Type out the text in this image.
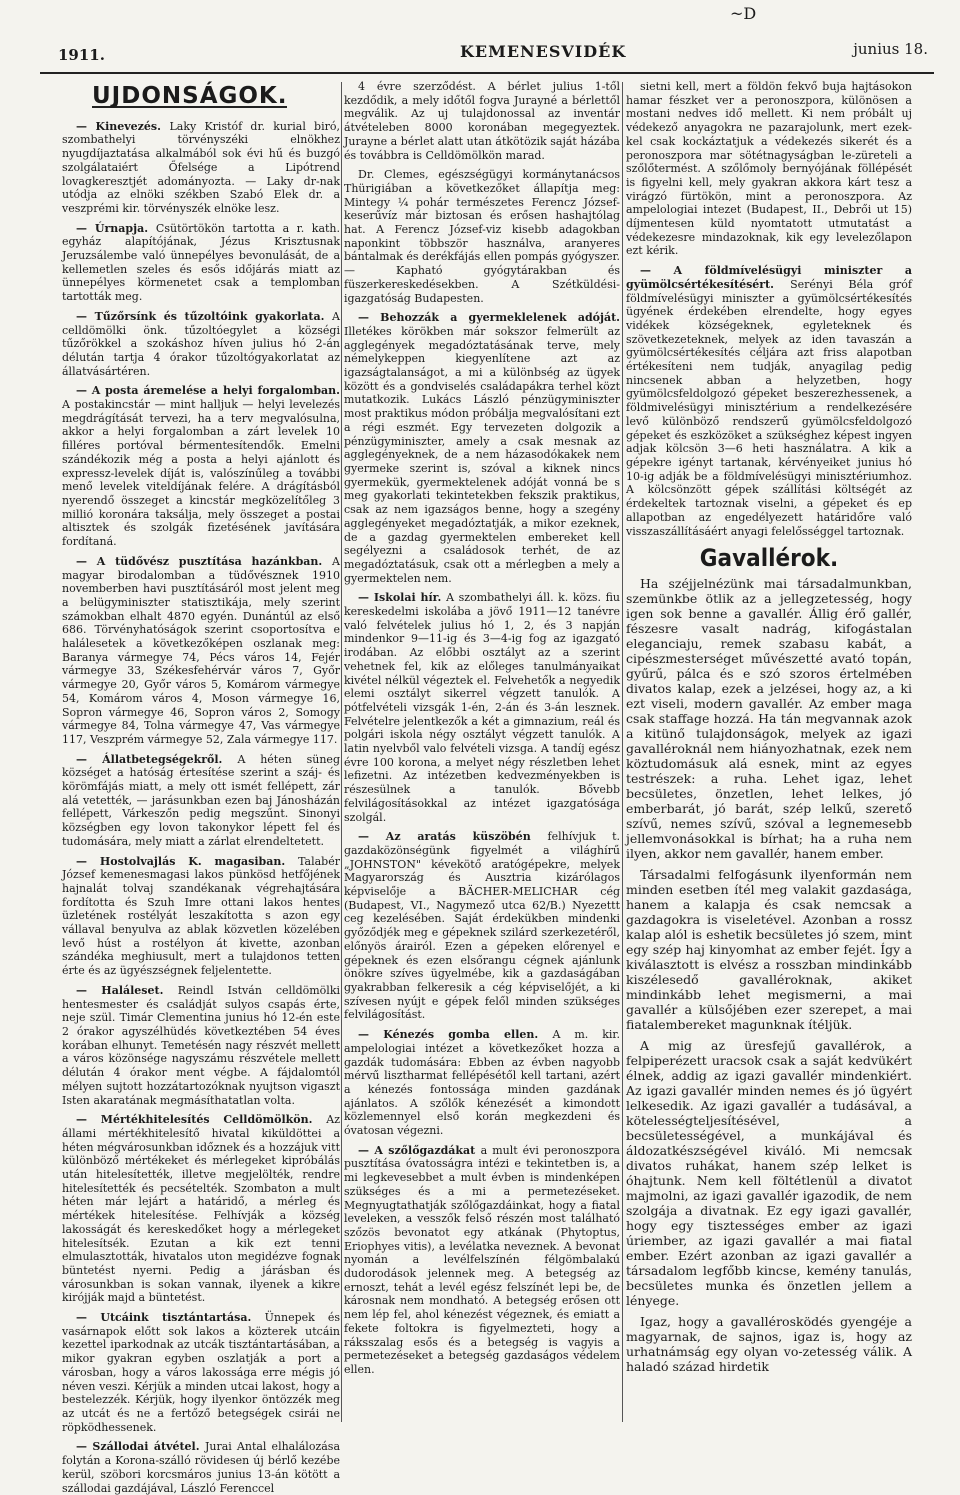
~D
1911.	KEMENESVIDÉK	junius 18.
UJDONSÁGOK.

— Kinevezés. Laky Kristóf dr. kurial biró, szombathelyi törvényszéki elnökhez nyugdíjaztatása alkalmából sok évi hű és buzgó szolgálataiért Őfelsége a Lipótrend lovagkeresztjét adományozta. — Laky dr-nak utódja az elnöki székben Szabó Elek dr. a veszprémi kir. törvényszék elnöke lesz.

— Úrnapja. Csütörtökön tartotta a r. kath. egyház alapítójának, Jézus Krisztusnak Jeruzsálembe való ünnepélyes bevonulását, de a kellemetlen szeles és esős időjárás miatt az ünnepélyes körmenetet csak a templomban tartották meg.

— Tűzőrsínk és tűzoltóink gyakorlata. A celldömölki önk. tűzoltóegylet a községi tűzőrökkel a szokáshoz híven julius hó 2-án délután tartja 4 órakor tűzoltógyakorlatat az állatvásártéren.

— A posta áremelése a helyi forgalomban. A postakincstár — mint halljuk — helyi levelezés megdrágítását tervezi, ha a terv megvalósulna, akkor a helyi forgalomban a zárt levelek 10 filléres portóval bérmentesítendők. Emelni szándékozik még a posta a helyi ajánlott és expressz-levelek díját is, valószínűleg a további menő levelek viteldíjának felére. A drágításból nyerendő összeget a kincstár megközelítőleg 3 millió koronára taksálja, mely összeget a postai altisztek és szolgák fizetésének javítására fordítaná.

— A tüdővész pusztítása hazánkban. A magyar birodalomban a tüdővésznek 1910 novemberben havi pusztításáról most jelent meg a belügyminiszter statisztikája, mely szerint számokban elhalt 4870 egyén. Dunántúl az első 686. Törvényhatóságok szerint csoportosítva e halálesetek a következőképen oszlanak meg: Baranya vármegye 74, Pécs város 14, Fejér vármegye 33, Székesfehérvár város 7, Győr vármegye 20, Győr város 5, Komárom vármegye 54, Komárom város 4, Moson vármegye 16, Sopron vármegye 46, Sopron város 2, Somogy vármegye 84, Tolna vármegye 47, Vas vármegye 117, Veszprém vármegye 52, Zala vármegye 117.

— Állatbetegségekről. A héten süneg községet a hatóság értesítése szerint a száj- és körömfájás miatt, a mely ott ismét fellépett, zár alá vetették, — jarásunkban ezen baj Jánosházán fellépett, Várkeszőn pedig megszűnt. Sinonyi községben egy lovon takonykor lépett fel és tudomására, mely miatt a zárlat elrendeltetett.

— Hostolvajlás K. magasiban. Talabér József kemenesmagasi lakos pünkösd hetfőjének hajnalát tolvaj szandékanak végrehajtására fordította és Szuh Imre ottani lakos hentes üzletének rostélyát leszakította s azon egy vállaval benyulva az ablak közvetlen közelében levő húst a rostélyon át kivette, azonban szándéka meghiusult, mert a tulajdonos tetten érte és az ügyészségnek feljelentette.

— Haláleset. Reindl István celldömölki hentesmester és családját sulyos csapás érte, neje szül. Timár Clementina junius hó 12-én este 2 órakor agyszélhüdés következtében 54 éves korában elhunyt. Temetésén nagy részvét mellett a város közönsége nagyszámu részvétele mellett délután 4 órakor ment végbe. A fájdalomtól mélyen sujtott hozzátartozóknak nyujtson vigaszt Isten akaratának megmásíthatatlan volta.

— Mértékhitelesítés Celldömölkön. Az állami mértékhitelesítő hivatal kiküldöttei a héten mégvárosunkban időznek és a hozzájuk vitt különböző mértékeket és mérlegeket kipróbálás után hitelesítették, illetve megjelölték, rendre hitelesítették és pecsételték. Szombaton a mult héten már lejárt a határidő, a mérleg és mértékek hitelesítése. Felhívják a község lakosságát és kereskedőket hogy a mérlegeket hitelesítsék. Ezutan a kik ezt tenni elmulasztották, hivatalos uton megidézve fognak büntetést nyerni. Pedig a járásban és városunkban is sokan vannak, ilyenek a kikre kirójják majd a büntetést.

— Utcáink tisztántartása. Ünnepek és vasárnapok előtt sok lakos a közterek utcáin kezettel iparkodnak az utcák tisztántartásában, a mikor gyakran egyben oszlatják a port a városban, hogy a város lakossága erre mégis jó néven veszi. Kérjük a minden utcai lakost, hogy a bestelezzék. Kérjük, hogy ilyenkor öntözzék meg az utcát és ne a fertőző betegségek csirái ne röpködhessenek.

— Szállodai átvétel. Jurai Antal elhalálozása folytán a Korona-szálló rövidesen új bérlő kezébe kerül, szöbori korcsmáros junius 13-án kötött a szállodai gazdájával, László Ferenccel

4 évre szerződést. A bérlet julius 1-től kezdődik, a mely időtől fogva Jurayné a bérlettől megválik. Az uj tulajdonossal az inventár átvételeben 8000 koronában megegyeztek. Jurayne a bérlet alatt utan átkötözik saját házába és továbbra is Celldömölkön marad.

Dr. Clemes, egészségügyi kormánytanácsos Thürigiában a következőket állapítja meg: Mintegy ¼ pohár természetes Ferencz József-keserűvíz már biztosan és erősen hashajtólag hat. A Ferencz József-viz kisebb adagokban naponkint többször használva, aranyeres bántalmak és derékfájás ellen pompás gyógyszer. — Kapható gyógytárakban és füszerkereskedésekben. A Szétküldési-igazgatóság Budapesten.

— Behozzák a gyermeklelenek adóját. Illetékes körökben már sokszor felmerült az agglegények megadóztatásának terve, mely némelykeppen kiegyenlítene azt az igazságtalanságot, a mi a különbség az ügyek között és a gondviselés családapákra terhel közt mutatkozik. Lukács László pénzügyminiszter most praktikus módon próbálja megvalósítani ezt a régi eszmét. Egy tervezeten dolgozik a pénzügyminiszter, amely a csak mesnak az agglegényeknek, de a nem házasodókakek nem gyermeke szerint is, szóval a kiknek nincs gyermekük, gyermektelenek adóját vonná be s meg gyakorlati tekintetekben fekszik praktikus, csak az nem igazságos benne, hogy a szegény agglegényeket megadóztatják, a mikor ezeknek, de a gazdag gyermektelen embereket kell segélyezni a családosok terhét, de az megadóztatásuk, csak ott a mérlegben a mely a gyermektelen nem.

— Iskolai hír. A szombathelyi áll. k. közs. fiu kereskedelmi iskolába a jövő 1911—12 tanévre való felvételek julius hó 1, 2, és 3 napján mindenkor 9—11-ig és 3—4-ig fog az igazgató irodában. Az előbbi osztályt az a szerint vehetnek fel, kik az előleges tanulmányaikat kivétel nélkül végeztek el. Felvehetők a negyedik elemi osztályt sikerrel végzett tanulók. A pótfelvételi vizsgák 1-én, 2-án és 3-án lesznek. Felvételre jelentkezők a két a gimnazium, reál és polgári iskola négy osztályt végzett tanulók. A latin nyelvből valo felvételi vizsga. A tandíj egész évre 100 korona, a melyet négy részletben lehet lefizetni. Az intézetben kedvezményekben is részesülnek a tanulók. Bővebb felvilágosításokkal az intézet igazgatósága szolgál.

— Az aratás küszöbén felhívjuk t. gazdaközönségünk figyelmét a világhírű „JOHNSTON" kévekötő aratógépekre, melyek Magyarország és Ausztria kizárólagos képviselője a BÄCHER-MELICHAR cég (Budapest, VI., Nagymező utca 62/B.) Nyezettt ceg kezelésében. Saját érdekükben mindenki győződjék meg e gépeknek szilárd szerkezetéről, előnyös árairól. Ezen a gépeken előrenyel e gépeknek és ezen elsőrangu cégnek ajánlunk önökre szíves ügyelmébe, kik a gazdaságában gyakrabban felkeresik a cég képviselőjét, a ki szívesen nyújt e gépek felől minden szükséges felvilágosítást.

— Kénezés gomba ellen. A m. kir. ampelologiai intézet a következőket hozza a gazdák tudomására: Ebben az évben nagyobb mérvű lisztharmat fellépésétől kell tartani, azért a kénezés fontossága minden gazdának ajánlatos. A szőlők kénezését a kimondott közlemennyel első korán megkezdeni és óvatosan végezni.

— A szőlőgazdákat a mult évi peronoszpora pusztítása óvatosságra intézi e tekintetben is, a mi legkevesebbet a mult évben is mindenképen szükséges és a mi a permetezéseket. Megnyugtathatják szőlőgazdáinkat, hogy a fiatal leveleken, a vesszők felső részén most található szőzös bevonatot egy atkának (Phytoptus, Eriophyes vitis), a levélatka neveznek. A bevonat nyomán a levélfelszínén félgömbalakú dudorodások jelennek meg. A betegség az ernoszt, tehát a levél egész felszínét lepi be, de károsnak nem mondható. A betegség erősen ott nem lép fel, ahol kénezést végeznek, és emiatt a fekete foltokra is figyelmezteti, hogy a ráksszalag esős és a betegség is vagyis a permetezéseket a betegség gazdaságos védelem ellen.

sietni kell, mert a földön fekvő buja hajtásokon hamar fészket ver a peronoszpora, különösen a mostani nedves idő mellett. Ki nem próbált uj védekező anyagokra ne pazarajolunk, mert ezek-kel csak kockáztatjuk a védekezés sikerét és a peronoszpora mar sötétnagyságban le-züreteli a szőlőtermést. A szőlőmoly bernyójának föllépését is figyelni kell, mely gyakran akkora kárt tesz a virágzó fürtökön, mint a peronoszpora. Az ampelologiai intezet (Budapest, II., Debrői ut 15) díjmentesen küld nyomtatott utmutatást a védekezesre mindazoknak, kik egy levelezőlapon ezt kérik.

— A földmívelésügyi miniszter a gyümölcsértékesítésért. Serényi Béla gróf földmívelésügyi miniszter a gyümölcsértékesítés ügyének érdekében elrendelte, hogy egyes vidékek községeknek, egyleteknek és szövetkezeteknek, melyek az iden tavaszán a gyümölcsértékesítés céljára azt friss alapotban értékesíteni nem tudják, anyagilag pedig nincsenek abban a helyzetben, hogy gyümölcsfeldolgozó gépeket beszerezhessenek, a földmivelésügyi minisztérium a rendelkezésére levő különböző rendszerű gyümölcsfeldolgozó gépeket és eszközöket a szükséghez képest ingyen adjak kölcsön 3—6 heti használatra. A kik a gépekre igényt tartanak, kérvényeiket junius hó 10-ig adják be a földmívelésügyi minisztériumhoz. A kölcsönzött gépek szállítási költségét az érdekeltek tartoznak viselni, a gépeket és ep allapotban az engedélyezett határidőre való visszaszállításáért anyagi felelősséggel tartoznak.

Gavallérok.

Ha széjjelnézünk mai társadalmunkban, szemünkbe ötlik az a jellegzetesség, hogy igen sok benne a gavallér. Állig érő gallér, fészesre vasalt nadrág, kifogástalan eleganciaju, remek szabasu kabát, a cipészmesterséget művészetté avató topán, gyűrű, pálca és e szó szoros értelmében divatos kalap, ezek a jelzései, hogy az, a ki ezt viseli, modern gavallér. Az ember maga csak staffage hozzá. Ha tán megvannak azok a kitünő tulajdonságok, melyek az igazi gavalléroknál nem hiányozhatnak, ezek nem köztudomásuk alá esnek, mint az egyes testrészek: a ruha. Lehet igaz, lehet becsületes, önzetlen, lehet lelkes, jó emberbarát, jó barát, szép lelkű, szerető szívű, nemes szívű, szóval a legnemesebb jellemvonásokkal is bírhat; ha a ruha nem ilyen, akkor nem gavallér, hanem ember.

Társadalmi felfogásunk ilyenformán nem minden esetben ítél meg valakit gazdasága, hanem a kalapja és csak nemcsak a gazdagokra is viseletével. Azonban a rossz kalap alól is eshetik becsületes jó szem, mint egy szép haj kinyomhat az ember fejét. Így a kiválasztott is elvész a rosszban mindinkább kiszélesedő gavalléroknak, akiket mindinkább lehet megismerni, a mai gavallér a külsőjében ezer szerepet, a mai fiatalembereket magunknak ítéljük.

A mig az üresfejű gavallérok, a felpiperézett uracsok csak a saját kedvükért élnek, addig az igazi gavallér mindenkiért. Az igazi gavallér minden nemes és jó ügyért lelkesedik. Az igazi gavallér a tudásával, a kötelességteljesítésével, a becsületességével, a munkájával és áldozatkészségével kiváló. Mi nemcsak divatos ruhákat, hanem szép lelket is óhajtunk. Nem kell föltétlenül a divatot majmolni, az igazi gavallér igazodik, de nem szolgája a divatnak. Ez egy igazi gavallér, hogy egy tisztességes ember az igazi úriember, az igazi gavallér a mai fiatal ember. Ezért azonban az igazi gavallér a társadalom legfőbb kincse, kemény tanulás, becsületes munka és önzetlen jellem a lényege.

Igaz, hogy a gavallérosködés gyengéje a magyarnak, de sajnos, igaz is, hogy az urhatnámság egy olyan vo-zetesség válik. A haladó század hirdetik
